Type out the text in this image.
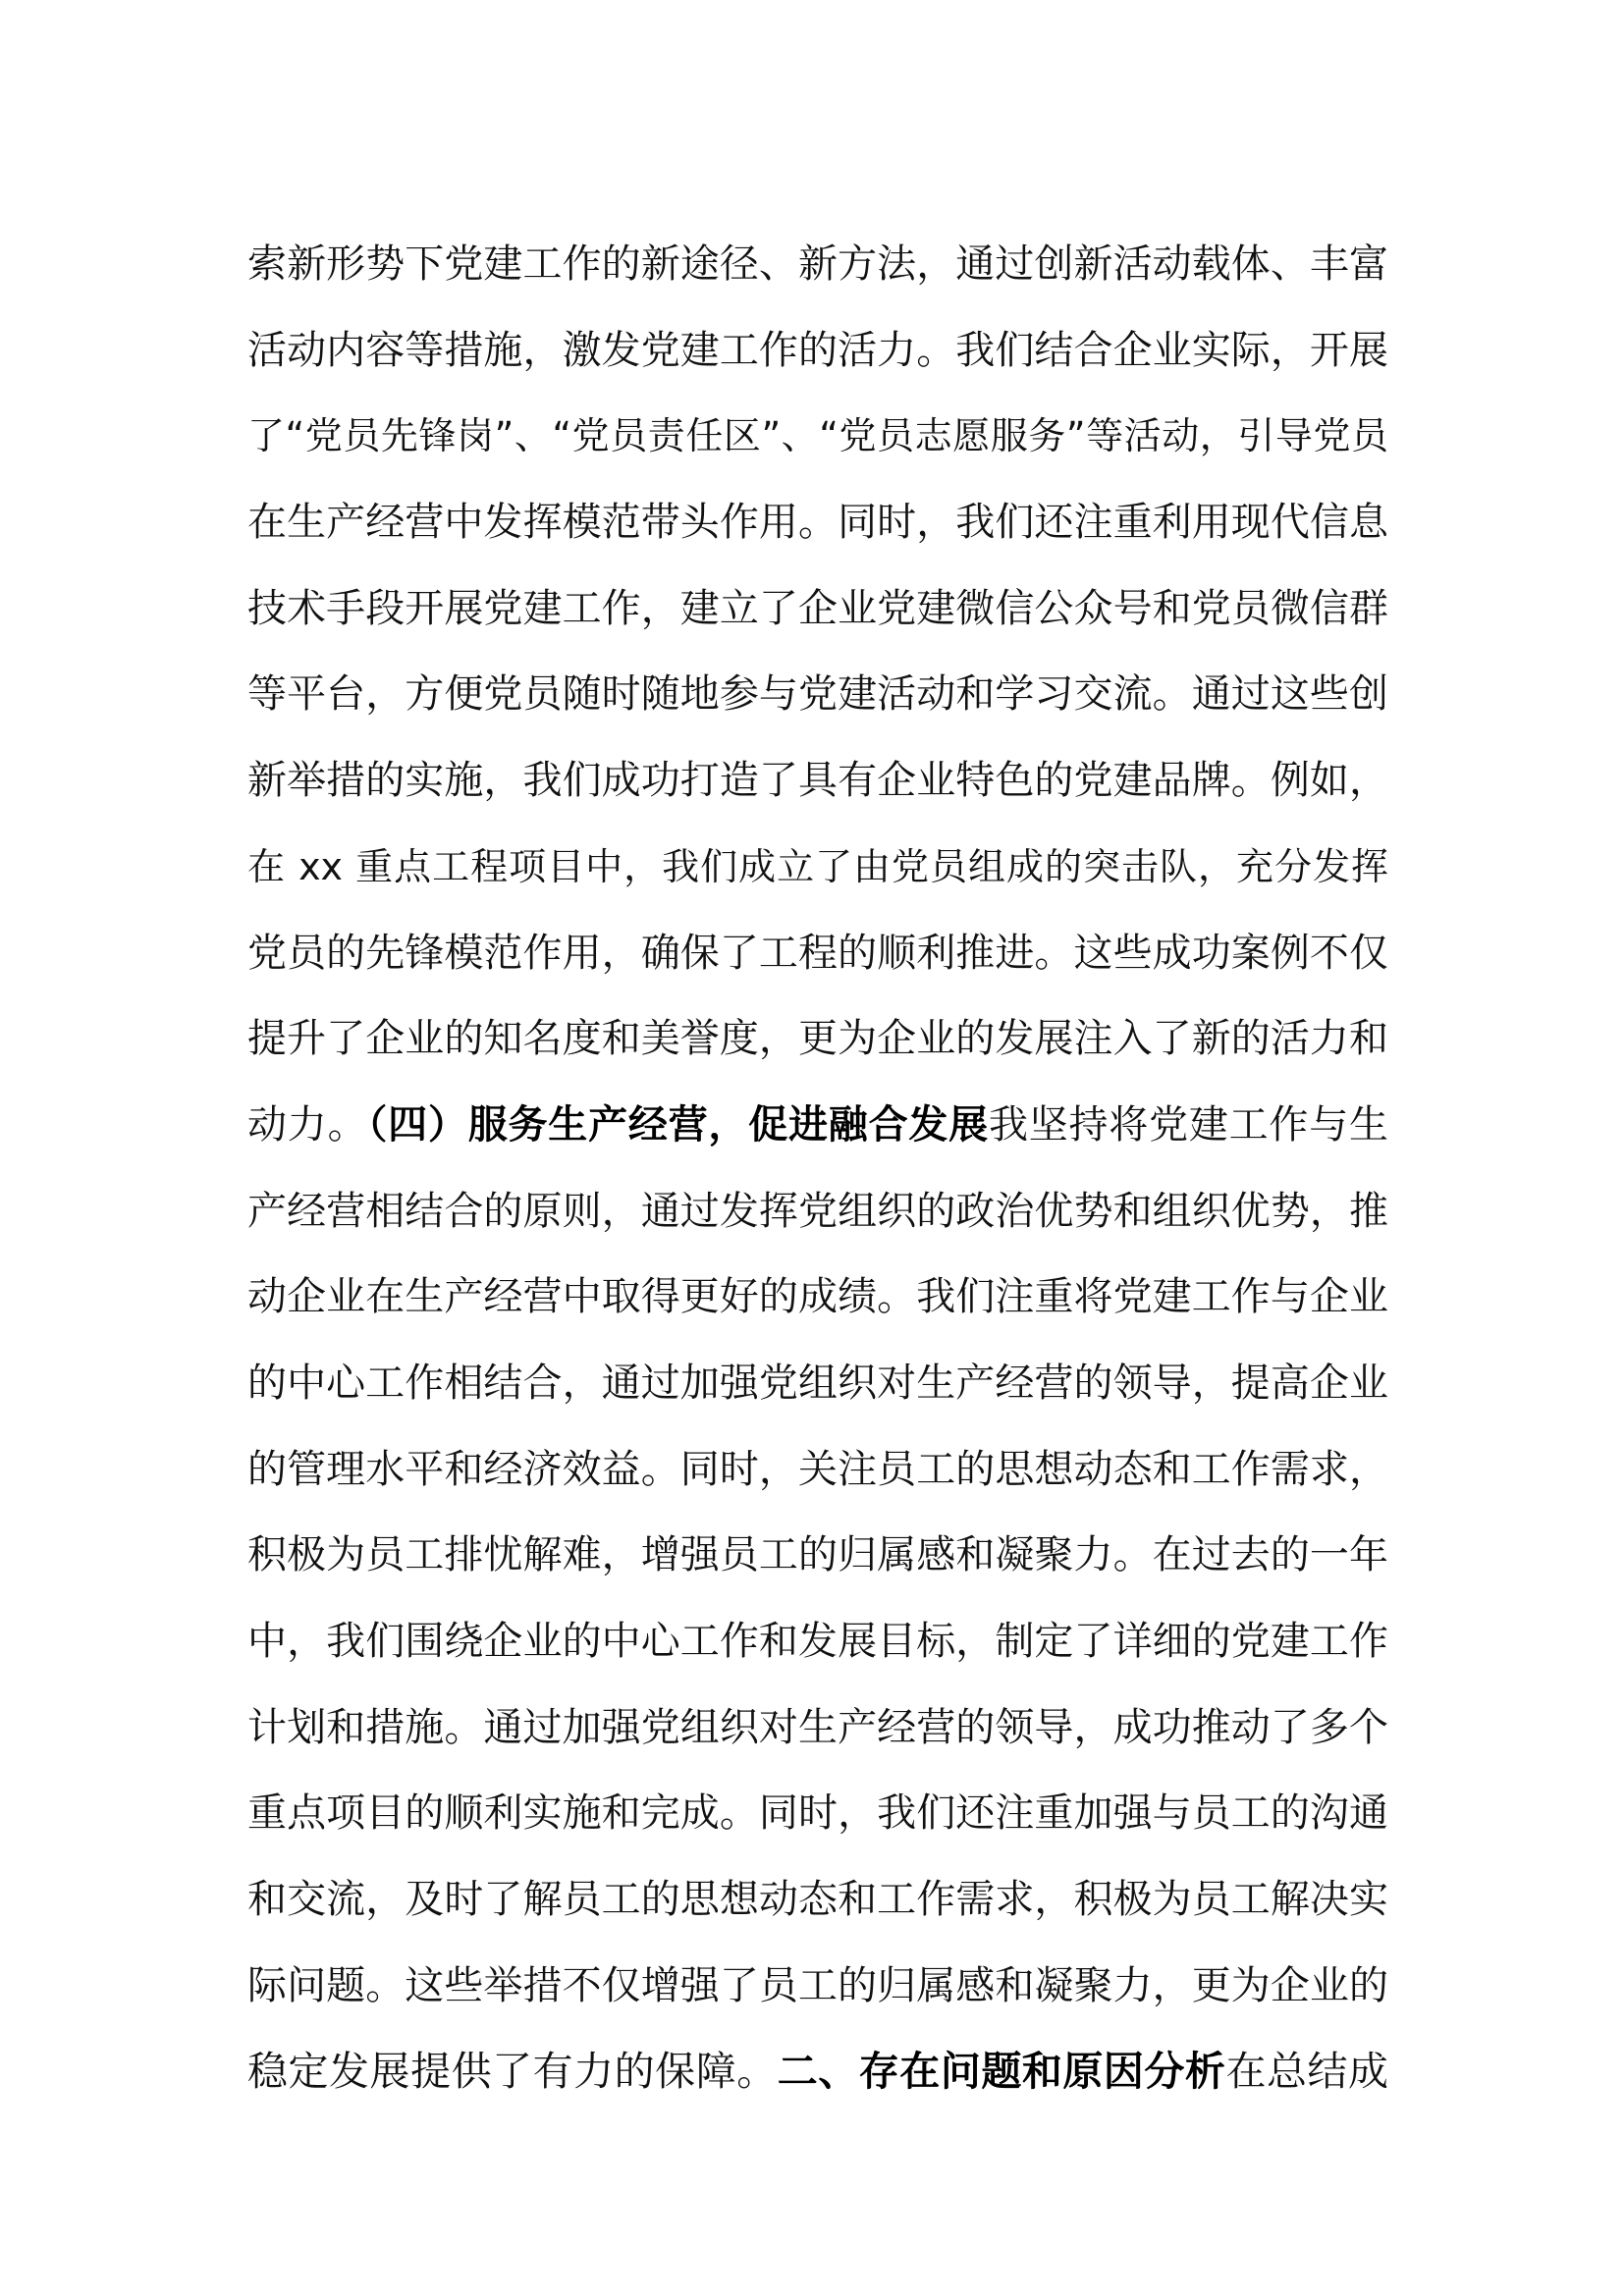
索新形势下党建工作的新途径、新方法，通过创新活动载体、丰富
活动内容等措施，激发党建工作的活力。我们结合企业实际，开展
了“党员先锋岗”、“党员责任区”、“党员志愿服务”等活动，引导党员
在生产经营中发挥模范带头作用。同时，我们还注重利用现代信息
技术手段开展党建工作，建立了企业党建微信公众号和党员微信群
等平台，方便党员随时随地参与党建活动和学习交流。通过这些创
新举措的实施，我们成功打造了具有企业特色的党建品牌。例如，
在 xx 重点工程项目中，我们成立了由党员组成的突击队，充分发挥
党员的先锋模范作用，确保了工程的顺利推进。这些成功案例不仅
提升了企业的知名度和美誉度，更为企业的发展注入了新的活力和
动力。（四）服务生产经营，促进融合发展我坚持将党建工作与生
产经营相结合的原则，通过发挥党组织的政治优势和组织优势，推
动企业在生产经营中取得更好的成绩。我们注重将党建工作与企业
的中心工作相结合，通过加强党组织对生产经营的领导，提高企业
的管理水平和经济效益。同时，关注员工的思想动态和工作需求，
积极为员工排忧解难，增强员工的归属感和凝聚力。在过去的一年
中，我们围绕企业的中心工作和发展目标，制定了详细的党建工作
计划和措施。通过加强党组织对生产经营的领导，成功推动了多个
重点项目的顺利实施和完成。同时，我们还注重加强与员工的沟通
和交流，及时了解员工的思想动态和工作需求，积极为员工解决实
际问题。这些举措不仅增强了员工的归属感和凝聚力，更为企业的
稳定发展提供了有力的保障。二、存在问题和原因分析在总结成
